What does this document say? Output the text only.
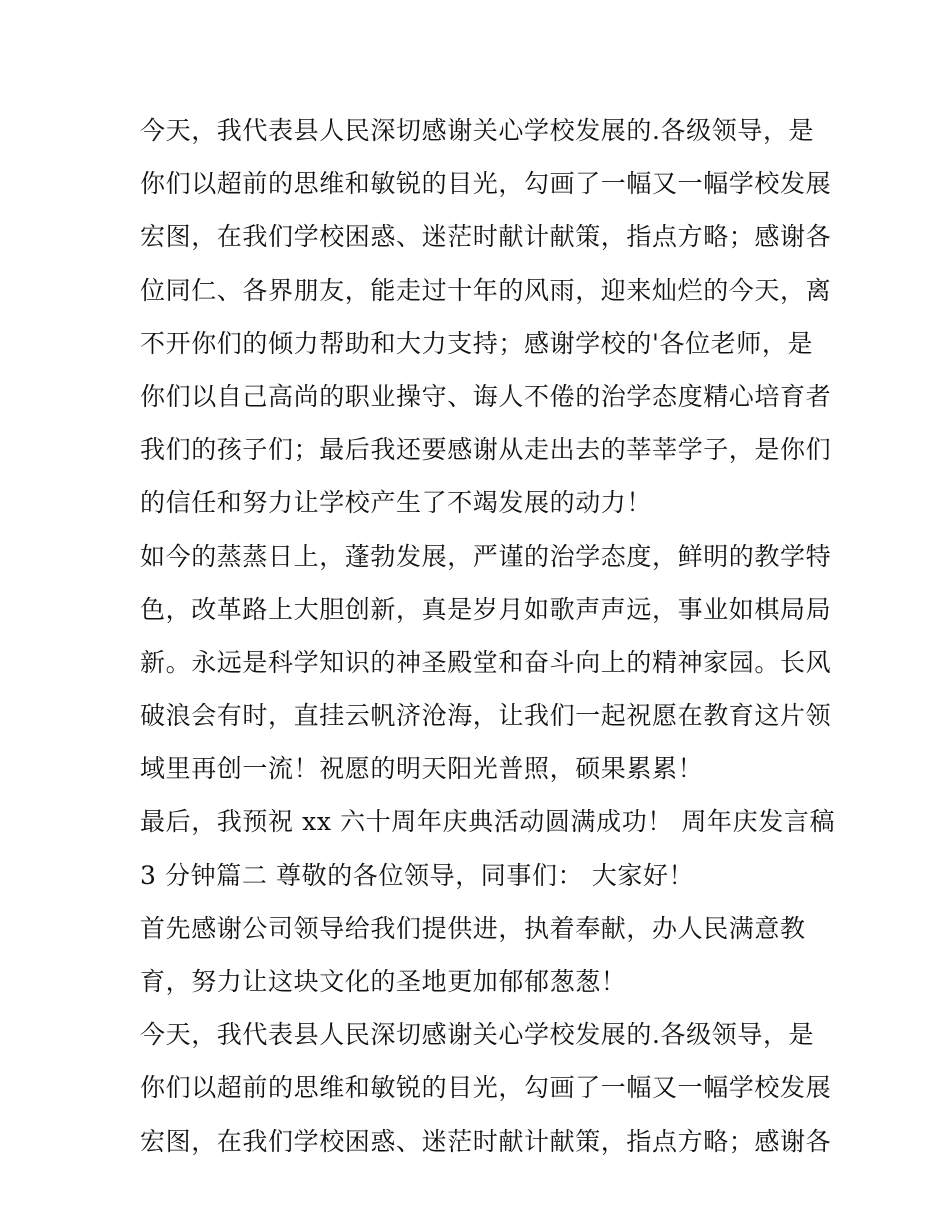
今天，我代表县人民深切感谢关心学校发展的.各级领导，是
你们以超前的思维和敏锐的目光，勾画了一幅又一幅学校发展
宏图，在我们学校困惑、迷茫时献计献策，指点方略；感谢各
位同仁、各界朋友，能走过十年的风雨，迎来灿烂的今天，离
不开你们的倾力帮助和大力支持；感谢学校的'各位老师，是
你们以自己高尚的职业操守、诲人不倦的治学态度精心培育者
我们的孩子们；最后我还要感谢从走出去的莘莘学子，是你们
的信任和努力让学校产生了不竭发展的动力！
如今的蒸蒸日上，蓬勃发展，严谨的治学态度，鲜明的教学特
色，改革路上大胆创新，真是岁月如歌声声远，事业如棋局局
新。永远是科学知识的神圣殿堂和奋斗向上的精神家园。长风
破浪会有时，直挂云帆济沧海，让我们一起祝愿在教育这片领
域里再创一流！祝愿的明天阳光普照，硕果累累！
最后，我预祝 xx 六十周年庆典活动圆满成功！ 周年庆发言稿
3 分钟篇二 尊敬的各位领导，同事们： 大家好！
首先感谢公司领导给我们提供进，执着奉献，办人民满意教
育，努力让这块文化的圣地更加郁郁葱葱！
今天，我代表县人民深切感谢关心学校发展的.各级领导，是
你们以超前的思维和敏锐的目光，勾画了一幅又一幅学校发展
宏图，在我们学校困惑、迷茫时献计献策，指点方略；感谢各
